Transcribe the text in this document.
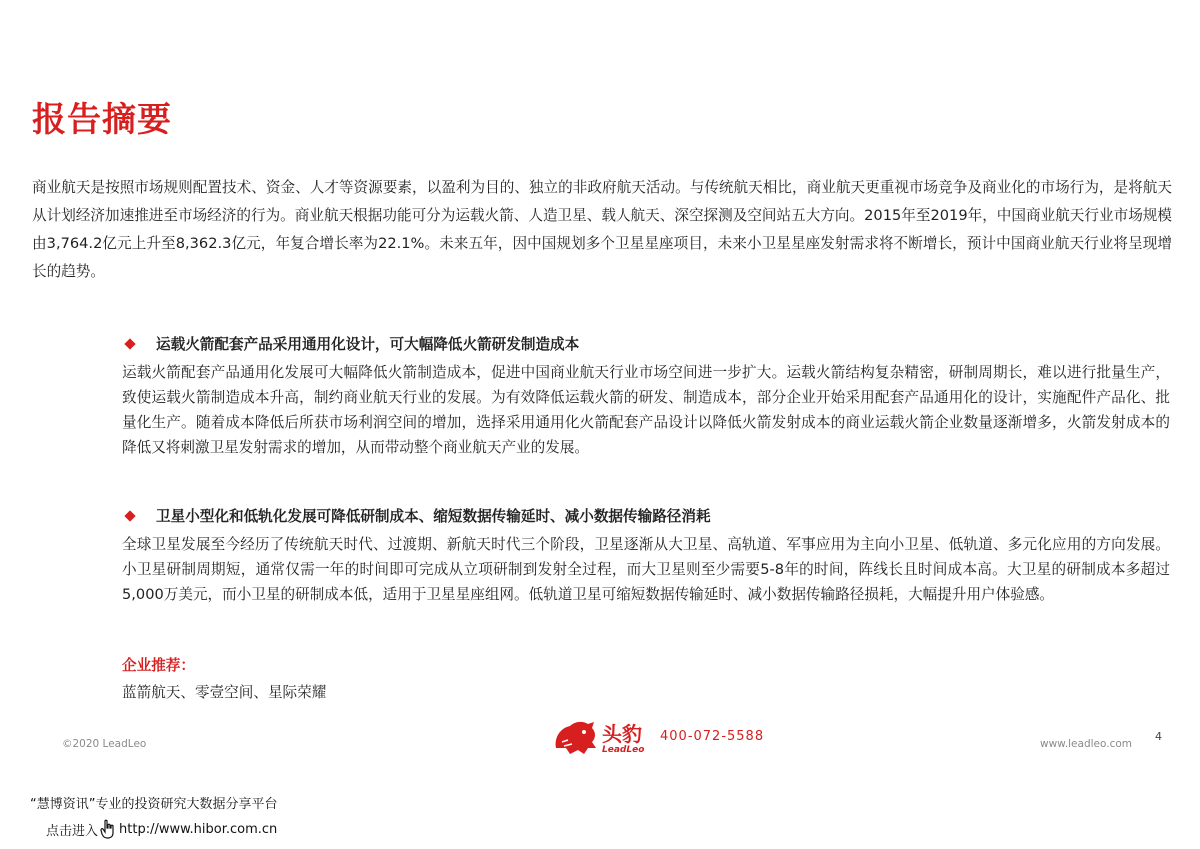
报告摘要
商业航天是按照市场规则配置技术、资金、人才等资源要素，以盈利为目的、独立的非政府航天活动。与传统航天相比，商业航天更重视市场竞争及商业化的市场行为，是将航天从计划经济加速推进至市场经济的行为。商业航天根据功能可分为运载火箭、人造卫星、载人航天、深空探测及空间站五大方向。2015年至2019年，中国商业航天行业市场规模由3,764.2亿元上升至8,362.3亿元，年复合增长率为22.1%。未来五年，因中国规划多个卫星星座项目，未来小卫星星座发射需求将不断增长，预计中国商业航天行业将呈现增长的趋势。
运载火箭配套产品采用通用化设计，可大幅降低火箭研发制造成本
运载火箭配套产品通用化发展可大幅降低火箭制造成本，促进中国商业航天行业市场空间进一步扩大。运载火箭结构复杂精密，研制周期长，难以进行批量生产，致使运载火箭制造成本升高，制约商业航天行业的发展。为有效降低运载火箭的研发、制造成本，部分企业开始采用配套产品通用化的设计，实施配件产品化、批量化生产。随着成本降低后所获市场利润空间的增加，选择采用通用化火箭配套产品设计以降低火箭发射成本的商业运载火箭企业数量逐渐增多，火箭发射成本的降低又将刺激卫星发射需求的增加，从而带动整个商业航天产业的发展。
卫星小型化和低轨化发展可降低研制成本、缩短数据传输延时、减小数据传输路径消耗
全球卫星发展至今经历了传统航天时代、过渡期、新航天时代三个阶段，卫星逐渐从大卫星、高轨道、军事应用为主向小卫星、低轨道、多元化应用的方向发展。小卫星研制周期短，通常仅需一年的时间即可完成从立项研制到发射全过程，而大卫星则至少需要5-8年的时间，阵线长且时间成本高。大卫星的研制成本多超过5,000万美元，而小卫星的研制成本低，适用于卫星星座组网。低轨道卫星可缩短数据传输延时、减小数据传输路径损耗，大幅提升用户体验感。
企业推荐：
蓝箭航天、零壹空间、星际荣耀
©2020 LeadLeo	头豹
LeadLeo
400-072-5588	www.leadleo.com
4
“慧博资讯”专业的投资研究大数据分享平台
点击进入 http://www.hibor.com.cn
